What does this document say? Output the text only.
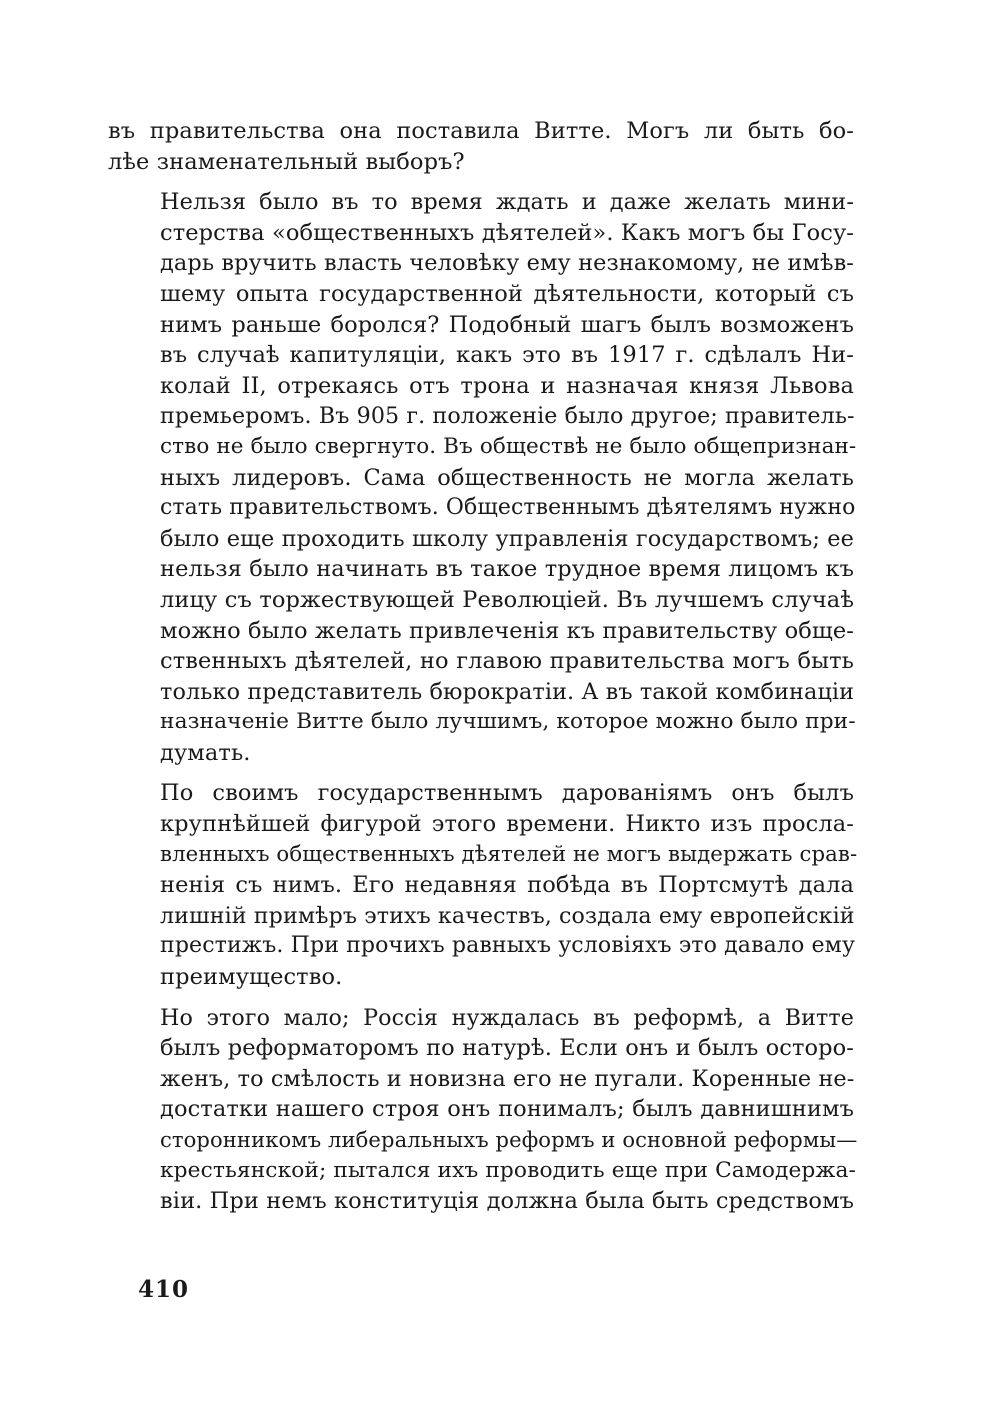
въ правительства она поставила Витте. Могъ ли быть бо-
лѣе знаменательный выборъ?
Нельзя было въ то время ждать и даже желать мини-
стерства «общественныхъ дѣятелей». Какъ могъ бы Госу-
дарь вручить власть человѣку ему незнакомому, не имѣв-
шему опыта государственной дѣятельности, который съ
нимъ раньше боролся? Подобный шагъ былъ возможенъ
въ случаѣ капитуляціи, какъ это въ 1917 г. сдѣлалъ Ни-
колай II, отрекаясь отъ трона и назначая князя Львова
премьеромъ. Въ 905 г. положеніе было другое; правитель-
ство не было свергнуто. Въ обществѣ не было общепризнан-
ныхъ лидеровъ. Сама общественность не могла желать
стать правительствомъ. Общественнымъ дѣятелямъ нужно
было еще проходить школу управленія государствомъ; ее
нельзя было начинать въ такое трудное время лицомъ къ
лицу съ торжествующей Революціей. Въ лучшемъ случаѣ
можно было желать привлеченія къ правительству обще-
ственныхъ дѣятелей, но главою правительства могъ быть
только представитель бюрократіи. А въ такой комбинаціи
назначеніе Витте было лучшимъ, которое можно было при-
думать.
По своимъ государственнымъ дарованіямъ онъ былъ
крупнѣйшей фигурой этого времени. Никто изъ просла-
вленныхъ общественныхъ дѣятелей не могъ выдержать срав-
ненія съ нимъ. Его недавняя побѣда въ Портсмутѣ дала
лишній примѣръ этихъ качествъ, создала ему европейскій
престижъ. При прочихъ равныхъ условіяхъ это давало ему
преимущество.
Но этого мало; Россія нуждалась въ реформѣ, а Витте
былъ реформаторомъ по натурѣ. Если онъ и былъ осторо-
женъ, то смѣлость и новизна его не пугали. Коренные не-
достатки нашего строя онъ понималъ; былъ давнишнимъ
сторонникомъ либеральныхъ реформъ и основной реформы—
крестьянской; пытался ихъ проводить еще при Самодержа-
віи. При немъ конституція должна была быть средствомъ
410
